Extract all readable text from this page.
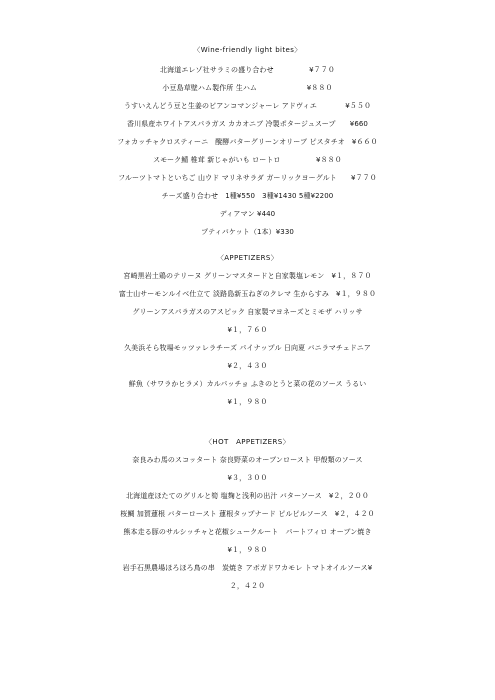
〈Wine-friendly light bites〉
北海道エレゾ社サラミの盛り合わせ　　　　　¥７７０
小豆島草壁ハム製作所 生ハム　　　　　　　¥８８０
うすいえんどう豆と生姜のビアンコマンジャーレ アドヴィエ　　　　¥５５０
香川県産ホワイトアスパラガス カカオニブ 冷製ポタージュスープ　　¥660
フォカッチャクロスティーニ　醗酵バターグリーンオリーブ ピスタチオ　¥６６０
スモーク鯖 椎茸 新じゃがいも ロートロ　　　　　¥８８０
フルーツトマトといちご 山ウド マリネサラダ ガーリックヨーグルト　　¥７７０
チーズ盛り合わせ　1種¥550　3種¥1430 5種¥2200
ディアマン ¥440
プティバケット（1本）¥330
〈APPETIZERS〉
宮崎黒岩土鶏のテリーヌ グリーンマスタードと自家製塩レモン　¥１，８７０
富士山サーモンルイベ仕立て 淡路島新玉ねぎのクレマ 生からすみ　¥１，９８０
グリーンアスパラガスのアスピック 自家製マヨネーズとミモザ ハリッサ
¥１，７６０
久美浜そら牧場モッツァレラチーズ パイナップル 日向夏 バニラマチェドニア
¥２，４３０
鮮魚（サワラかヒラメ）カルパッチョ ふきのとうと菜の花のソース うるい
¥１，９８０
〈HOT　APPETIZERS〉
奈良みわ馬のスコッタート 奈良野菜のオーブンロースト 甲殻類のソース
¥３，３００
北海道産ほたてのグリルと筍 塩麹と浅利の出汁 バターソース　¥２，２００
桜鯛 加賀蓮根 バターロースト 蓮根タップナード ピルピルソース　¥２，４２０
熊本走る豚のサルシッチャと花椒シュークルート　パートフィロ オーブン焼き
¥１，９８０
岩手石黒農場ほろほろ鳥の串　炭焼き アボガドワカモレ トマトオイルソース¥
２，４２０
